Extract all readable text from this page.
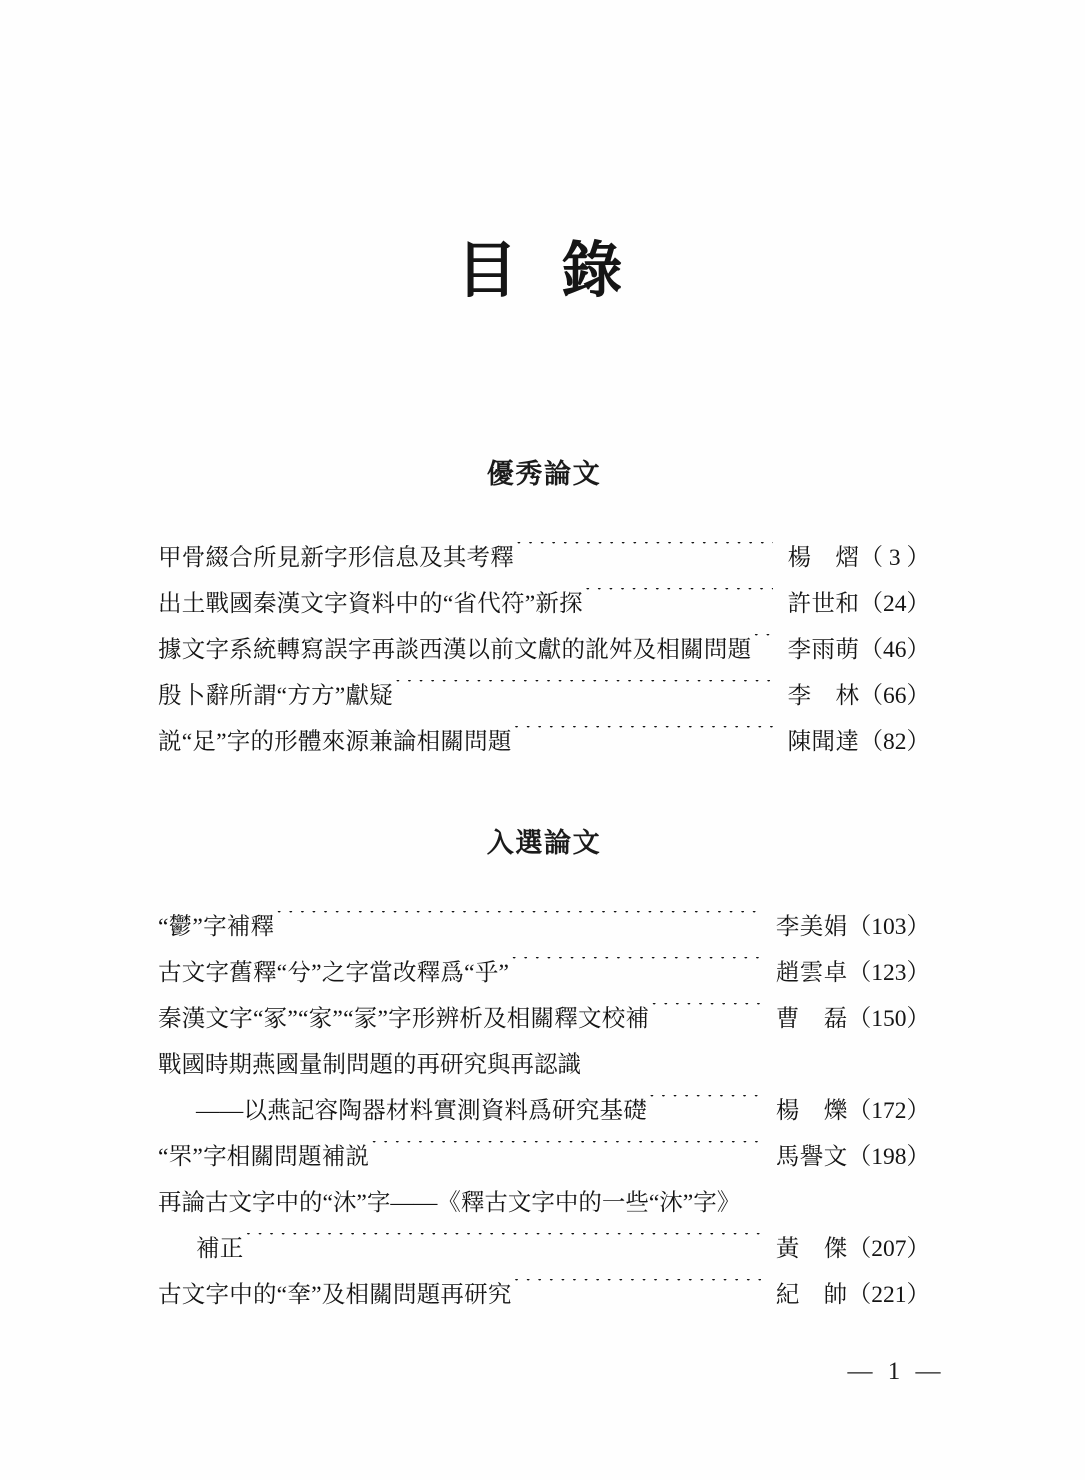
目 錄
優秀論文
甲骨綴合所見新字形信息及其考釋 ·····	楊　熠 （ 3 ）
出土戰國秦漢文字資料中的“省代符”新探 ·····	許世和 （24）
據文字系統轉寫誤字再談西漢以前文獻的訛舛及相關問題 ·····	李雨萌 （46）
殷卜辭所謂“方方”獻疑 ·····	李　林 （66）
説“足”字的形體來源兼論相關問題 ·····	陳聞達 （82）
入選論文
“鬱”字補釋 ·····	李美娟 （103）
古文字舊釋“兮”之字當改釋爲“乎” ·····	趙雲卓 （123）
秦漢文字“冢”“家”“冡”字形辨析及相關釋文校補 ·····	曹　磊 （150）
戰國時期燕國量制問題的再研究與再認識
——以燕記容陶器材料實測資料爲研究基礎 ·····	楊　爍 （172）
“罘”字相關問題補説 ·····	馬譽文 （198）
再論古文字中的“沐”字——《釋古文字中的一些“沐”字》
補正 ·····	黃　傑 （207）
古文字中的“羍”及相關問題再研究 ·····	紀　帥 （221）
— 1 —
